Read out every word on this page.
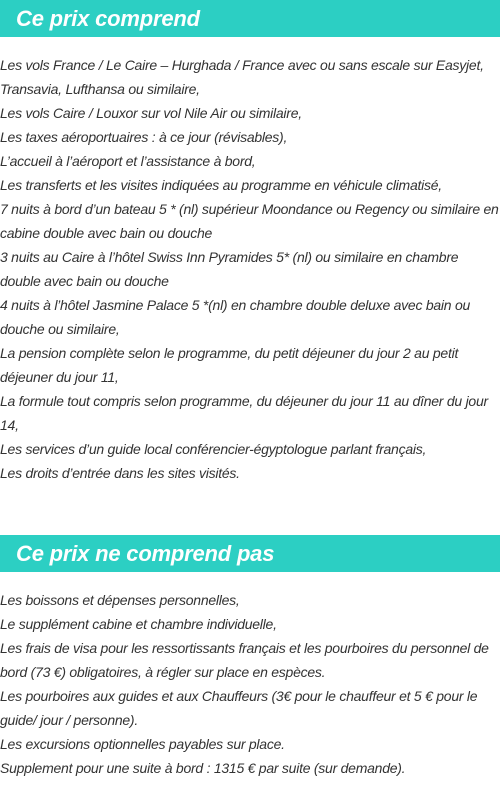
Ce prix comprend
Les vols France / Le Caire – Hurghada / France avec ou sans escale sur Easyjet, Transavia, Lufthansa ou similaire,
Les vols Caire / Louxor sur vol Nile Air ou similaire,
Les taxes aéroportuaires : à ce jour (révisables),
L’accueil à l’aéroport et l’assistance à bord,
Les transferts et les visites indiquées au programme en véhicule climatisé,
7 nuits à bord d’un bateau 5 * (nl) supérieur Moondance ou Regency ou similaire en cabine double avec bain ou douche
3 nuits au Caire à l’hôtel Swiss Inn Pyramides 5* (nl) ou similaire en chambre double avec bain ou douche
4 nuits à l’hôtel Jasmine Palace 5 *(nl) en chambre double deluxe avec bain ou douche ou similaire,
La pension complète selon le programme, du petit déjeuner du jour 2 au petit déjeuner du jour 11,
La formule tout compris selon programme, du déjeuner du jour 11 au dîner du jour 14,
Les services d’un guide local conférencier-égyptologue parlant français,
Les droits d’entrée dans les sites visités.
Ce prix ne comprend pas
Les boissons et dépenses personnelles,
Le supplément cabine et chambre individuelle,
Les frais de visa pour les ressortissants français et les pourboires du personnel de bord (73 €) obligatoires, à régler sur place en espèces.
Les pourboires aux guides et aux Chauffeurs (3€ pour le chauffeur et 5 € pour le guide/ jour / personne).
Les excursions optionnelles payables sur place.
Supplement pour une suite à bord : 1315 € par suite (sur demande).
